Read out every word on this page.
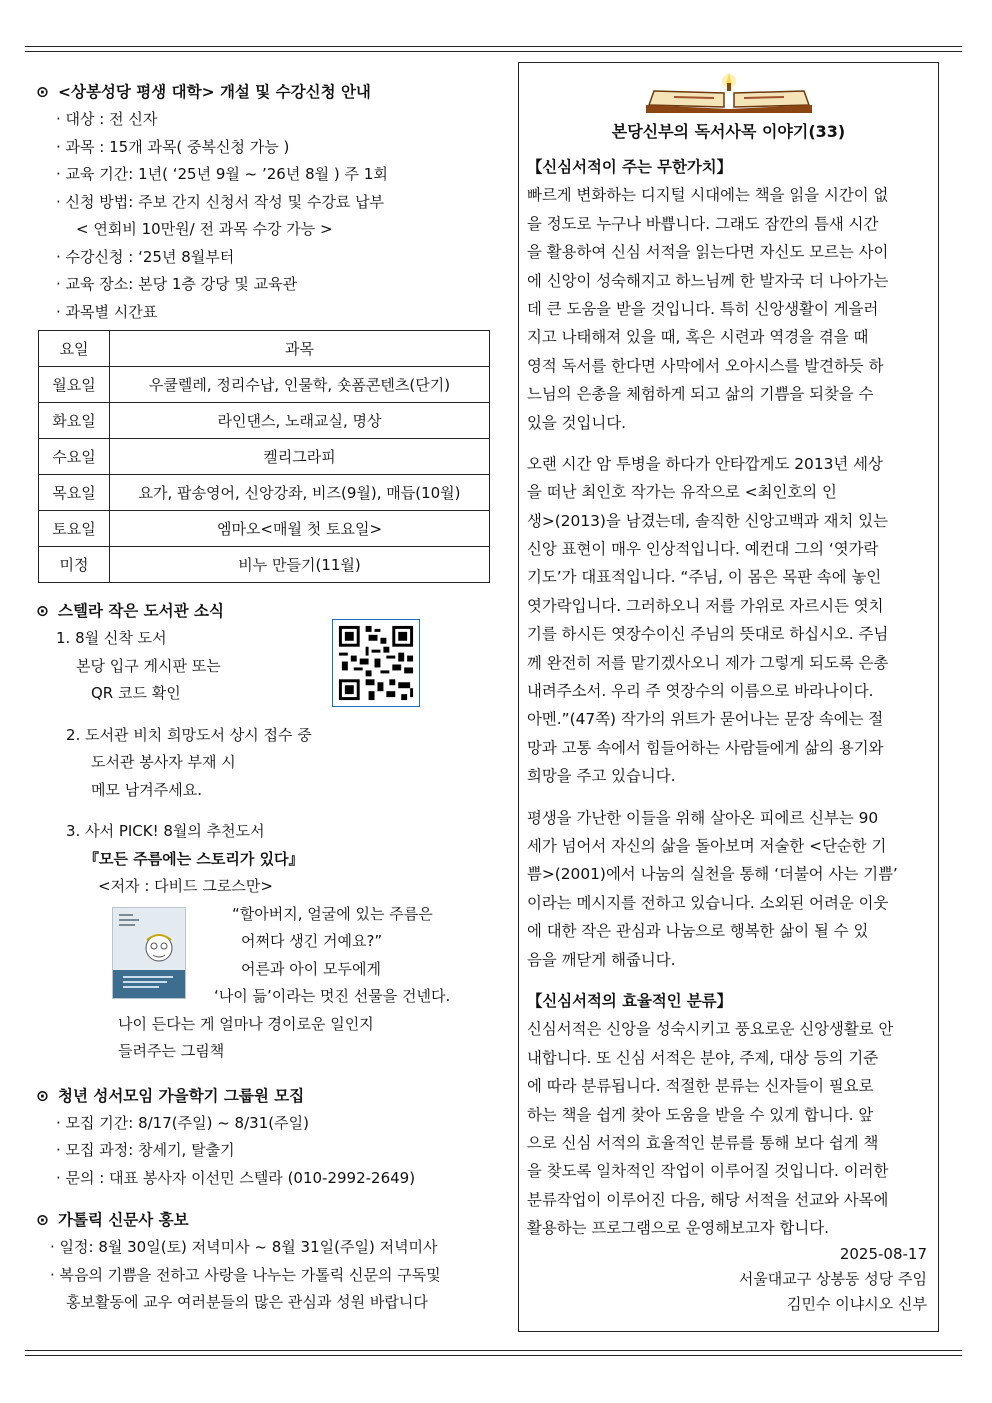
⊙ <상봉성당 평생 대학> 개설 및 수강신청 안내
· 대상 : 전 신자
· 과목 : 15개 과목( 중복신청 가능 )
· 교육 기간: 1년( ‘25년 9월 ~ ’26년 8월 ) 주 1회
· 신청 방법: 주보 간지 신청서 작성 및 수강료 납부
< 연회비 10만원/ 전 과목 수강 가능 >
· 수강신청 : ‘25년 8월부터
· 교육 장소: 본당 1층 강당 및 교육관
· 과목별 시간표
요일	과목
월요일	우쿨렐레, 정리수납, 인물학, 숏폼콘텐츠(단기)
화요일	라인댄스, 노래교실, 명상
수요일	켈리그라피
목요일	요가, 팝송영어, 신앙강좌, 비즈(9월), 매듭(10월)
토요일	엠마오<매월 첫 토요일>
미정	비누 만들기(11월)
⊙ 스텔라 작은 도서관 소식
1. 8월 신착 도서
본당 입구 게시판 또는
QR 코드 확인
2. 도서관 비치 희망도서 상시 접수 중
도서관 봉사자 부재 시
메모 남겨주세요.
3. 사서 PICK! 8월의 추천도서
『모든 주름에는 스토리가 있다』
<저자 : 다비드 그로스만>
“할아버지, 얼굴에 있는 주름은
어쩌다 생긴 거예요?”
어른과 아이 모두에게
‘나이 듦’이라는 멋진 선물을 건넨다.
나이 든다는 게 얼마나 경이로운 일인지
들려주는 그림책
⊙ 청년 성서모임 가을학기 그룹원 모집
· 모집 기간: 8/17(주일) ~ 8/31(주일)
· 모집 과정: 창세기, 탈출기
· 문의 : 대표 봉사자 이선민 스텔라 (010-2992-2649)
⊙ 가톨릭 신문사 홍보
· 일정: 8월 30일(토) 저녁미사 ~ 8월 31일(주일) 저녁미사
· 복음의 기쁨을 전하고 사랑을 나누는 가톨릭 신문의 구독및
홍보활동에 교우 여러분들의 많은 관심과 성원 바랍니다
본당신부의 독서사목 이야기(33)
【신심서적이 주는 무한가치】
빠르게 변화하는 디지털 시대에는 책을 읽을 시간이 없
을 정도로 누구나 바쁩니다. 그래도 잠깐의 틈새 시간
을 활용하여 신심 서적을 읽는다면 자신도 모르는 사이
에 신앙이 성숙해지고 하느님께 한 발자국 더 나아가는
데 큰 도움을 받을 것입니다. 특히 신앙생활이 게을러
지고 나태해져 있을 때, 혹은 시련과 역경을 겪을 때
영적 독서를 한다면 사막에서 오아시스를 발견하듯 하
느님의 은총을 체험하게 되고 삶의 기쁨을 되찾을 수
있을 것입니다.
오랜 시간 암 투병을 하다가 안타깝게도 2013년 세상
을 떠난 최인호 작가는 유작으로 <최인호의 인
생>(2013)을 남겼는데, 솔직한 신앙고백과 재치 있는
신앙 표현이 매우 인상적입니다. 예컨대 그의 ‘엿가락
기도’가 대표적입니다. “주님, 이 몸은 목판 속에 놓인
엿가락입니다. 그러하오니 저를 가위로 자르시든 엿치
기를 하시든 엿장수이신 주님의 뜻대로 하십시오. 주님
께 완전히 저를 맡기겠사오니 제가 그렇게 되도록 은총
내려주소서. 우리 주 엿장수의 이름으로 바라나이다.
아멘.”(47쪽) 작가의 위트가 묻어나는 문장 속에는 절
망과 고통 속에서 힘들어하는 사람들에게 삶의 용기와
희망을 주고 있습니다.
평생을 가난한 이들을 위해 살아온 피에르 신부는 90
세가 넘어서 자신의 삶을 돌아보며 저술한 <단순한 기
쁨>(2001)에서 나눔의 실천을 통해 ‘더불어 사는 기쁨’
이라는 메시지를 전하고 있습니다. 소외된 어려운 이웃
에 대한 작은 관심과 나눔으로 행복한 삶이 될 수 있
음을 깨닫게 해줍니다.
【신심서적의 효율적인 분류】
신심서적은 신앙을 성숙시키고 풍요로운 신앙생활로 안
내합니다. 또 신심 서적은 분야, 주제, 대상 등의 기준
에 따라 분류됩니다. 적절한 분류는 신자들이 필요로
하는 책을 쉽게 찾아 도움을 받을 수 있게 합니다. 앞
으로 신심 서적의 효율적인 분류를 통해 보다 쉽게 책
을 찾도록 일차적인 작업이 이루어질 것입니다. 이러한
분류작업이 이루어진 다음, 해당 서적을 선교와 사목에
활용하는 프로그램으로 운영해보고자 합니다.
2025-08-17
서울대교구 상봉동 성당 주임
김민수 이냐시오 신부
